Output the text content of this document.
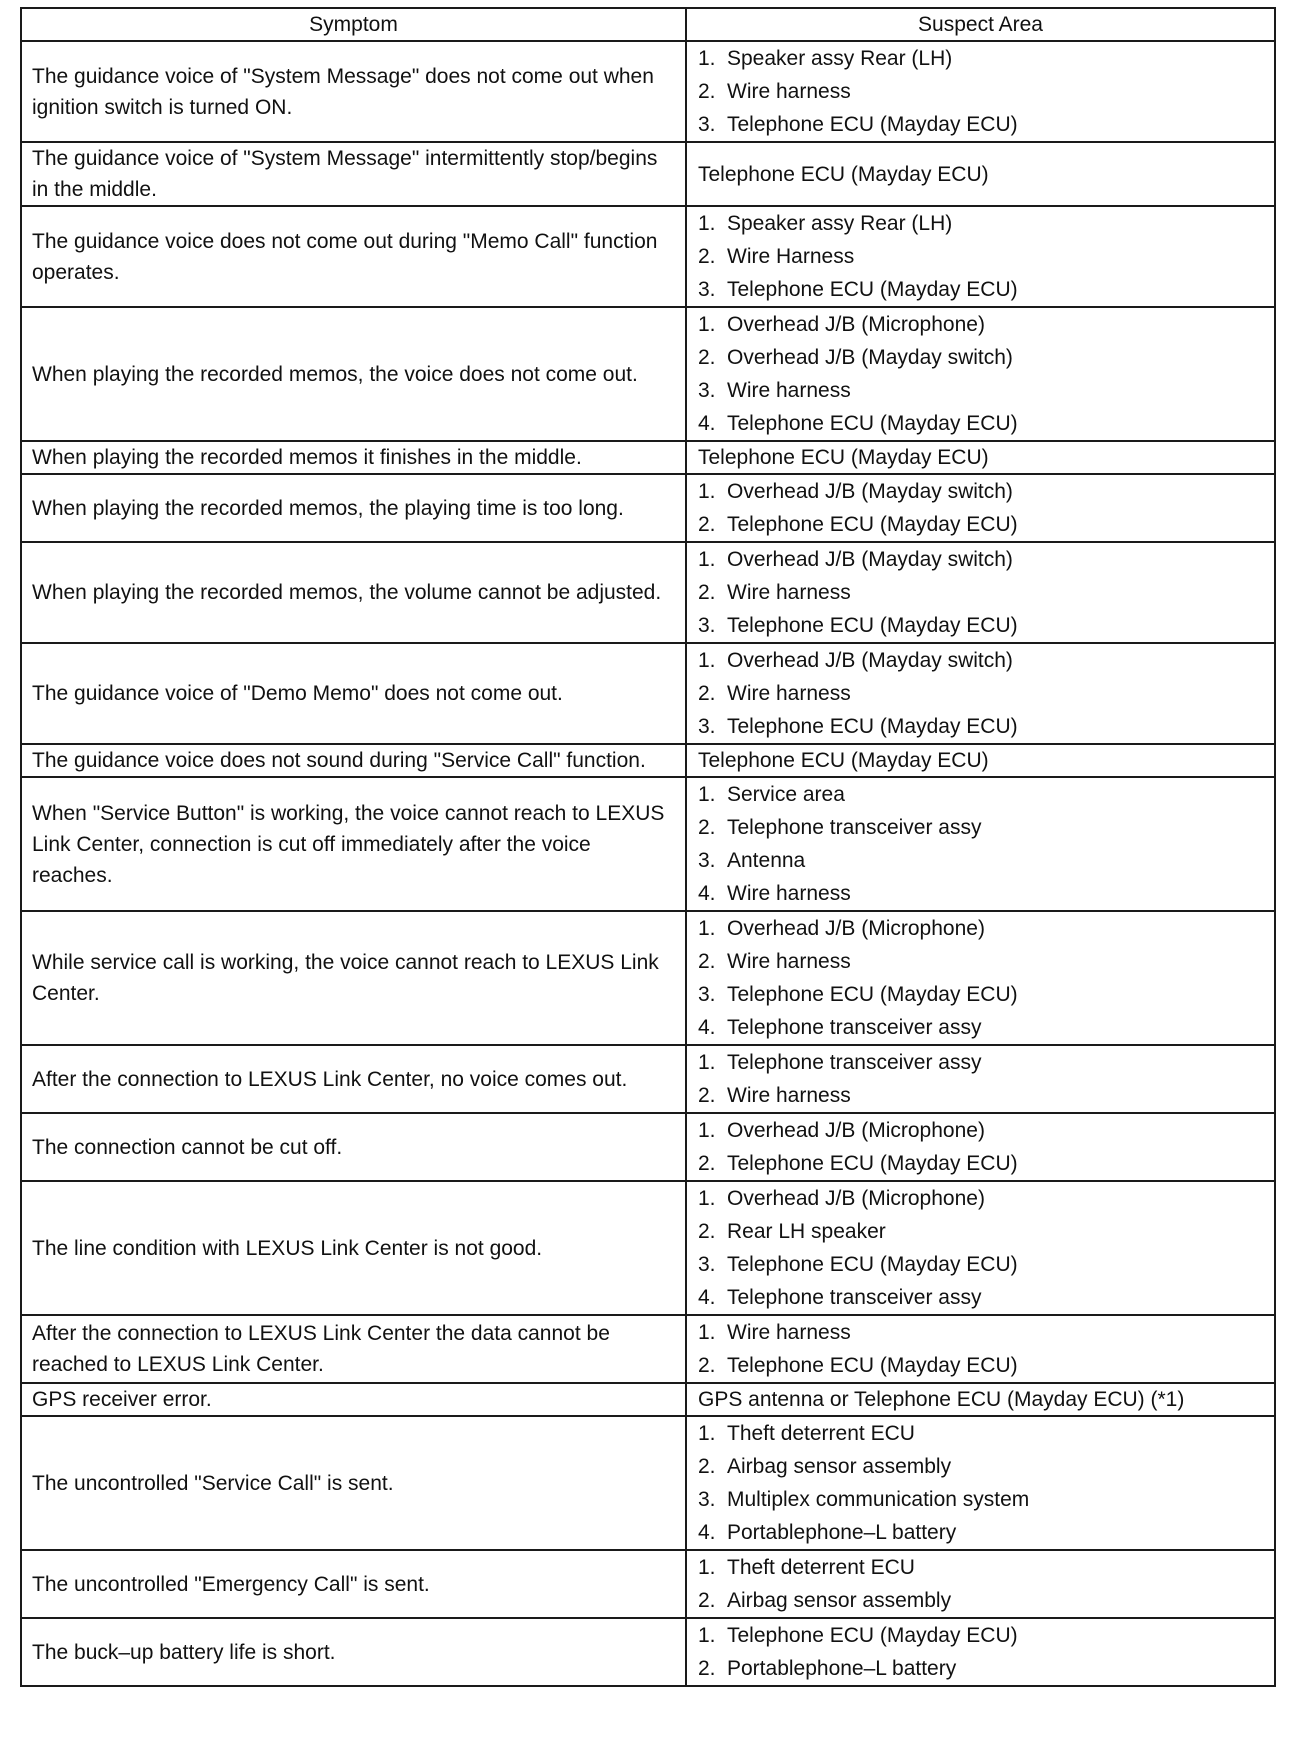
Symptom	Suspect Area
The guidance voice of "System Message" does not come out when ignition switch is turned ON.	1. Speaker assy Rear (LH)
2. Wire harness
3. Telephone ECU (Mayday ECU)

The guidance voice of "System Message" intermittently stop/begins in the middle.	Telephone ECU (Mayday ECU)
The guidance voice does not come out during "Memo Call" function operates.	1. Speaker assy Rear (LH)
2. Wire Harness
3. Telephone ECU (Mayday ECU)

When playing the recorded memos, the voice does not come out.	1. Overhead J/B (Microphone)
2. Overhead J/B (Mayday switch)
3. Wire harness
4. Telephone ECU (Mayday ECU)

When playing the recorded memos it finishes in the middle.	Telephone ECU (Mayday ECU)
When playing the recorded memos, the playing time is too long.	1. Overhead J/B (Mayday switch)
2. Telephone ECU (Mayday ECU)

When playing the recorded memos, the volume cannot be adjusted.	1. Overhead J/B (Mayday switch)
2. Wire harness
3. Telephone ECU (Mayday ECU)

The guidance voice of "Demo Memo" does not come out.	1. Overhead J/B (Mayday switch)
2. Wire harness
3. Telephone ECU (Mayday ECU)

The guidance voice does not sound during "Service Call" function.	Telephone ECU (Mayday ECU)
When "Service Button" is working, the voice cannot reach to LEXUS Link Center, connection is cut off immediately after the voice reaches.	1. Service area
2. Telephone transceiver assy
3. Antenna
4. Wire harness

While service call is working, the voice cannot reach to LEXUS Link Center.	1. Overhead J/B (Microphone)
2. Wire harness
3. Telephone ECU (Mayday ECU)
4. Telephone transceiver assy

After the connection to LEXUS Link Center, no voice comes out.	1. Telephone transceiver assy
2. Wire harness

The connection cannot be cut off.	1. Overhead J/B (Microphone)
2. Telephone ECU (Mayday ECU)

The line condition with LEXUS Link Center is not good.	1. Overhead J/B (Microphone)
2. Rear LH speaker
3. Telephone ECU (Mayday ECU)
4. Telephone transceiver assy

After the connection to LEXUS Link Center the data cannot be reached to LEXUS Link Center.	1. Wire harness
2. Telephone ECU (Mayday ECU)

GPS receiver error.	GPS antenna or Telephone ECU (Mayday ECU) (*1)
The uncontrolled "Service Call" is sent.	1. Theft deterrent ECU
2. Airbag sensor assembly
3. Multiplex communication system
4. Portablephone–L battery

The uncontrolled "Emergency Call" is sent.	1. Theft deterrent ECU
2. Airbag sensor assembly

The buck–up battery life is short.	1. Telephone ECU (Mayday ECU)
2. Portablephone–L battery
